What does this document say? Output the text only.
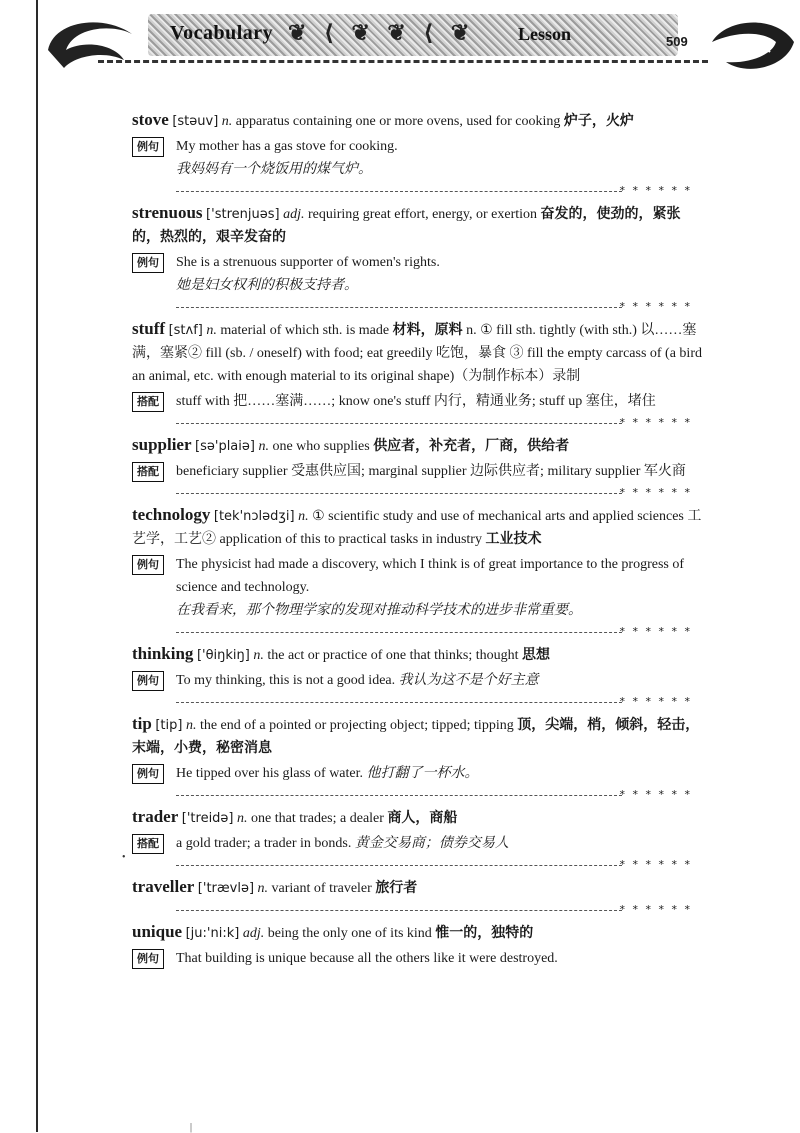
Vocabulary ❦ ⟨ ❦ ❦ ⟨ ❦ Lesson	509
stove [stəuv] n. apparatus containing one or more ovens, used for cooking 炉子，火炉
例句	My mother has a gas stove for cooking.
我妈妈有一个烧饭用的煤气炉。
* * * * * *
strenuous ['strenjuəs] adj. requiring great effort, energy, or exertion 奋发的，使劲的，紧张的，热烈的，艰辛发奋的
例句	She is a strenuous supporter of women's rights.
她是妇女权利的积极支持者。
* * * * * *
stuff [stʌf] n. material of which sth. is made 材料，原料 n. ① fill sth. tightly (with sth.) 以……塞满，塞紧② fill (sb. / oneself) with food; eat greedily 吃饱，暴食 ③ fill the empty carcass of (a bird an animal, etc. with enough material to its original shape)（为制作标本）录制
搭配	stuff with 把……塞满……; know one's stuff 内行，精通业务; stuff up 塞住，堵住
* * * * * *
supplier [sə'plaiə] n. one who supplies 供应者，补充者，厂商，供给者
搭配	beneficiary supplier 受惠供应国; marginal supplier 边际供应者; military supplier 军火商
* * * * * *
technology [tek'nɔlədʒi] n. ① scientific study and use of mechanical arts and applied sciences 工艺学，工艺② application of this to practical tasks in industry 工业技术
例句	The physicist had made a discovery, which I think is of great importance to the progress of science and technology.
在我看来，那个物理学家的发现对推动科学技术的进步非常重要。
* * * * * *
thinking ['θiŋkiŋ] n. the act or practice of one that thinks; thought 思想
例句	To my thinking, this is not a good idea. 我认为这不是个好主意
* * * * * *
tip [tip] n. the end of a pointed or projecting object; tipped; tipping 顶，尖端，梢，倾斜，轻击，末端，小费，秘密消息
例句	He tipped over his glass of water. 他打翻了一杯水。
* * * * * *
trader ['treidə] n. one that trades; a dealer 商人，商船
搭配	a gold trader; a trader in bonds. 黄金交易商；债券交易人
* * * * * *
traveller ['trævlə] n. variant of traveler 旅行者
* * * * * *
unique [ju:'ni:k] adj. being the only one of its kind 惟一的，独特的
例句	That building is unique because all the others like it were destroyed.
•
|
